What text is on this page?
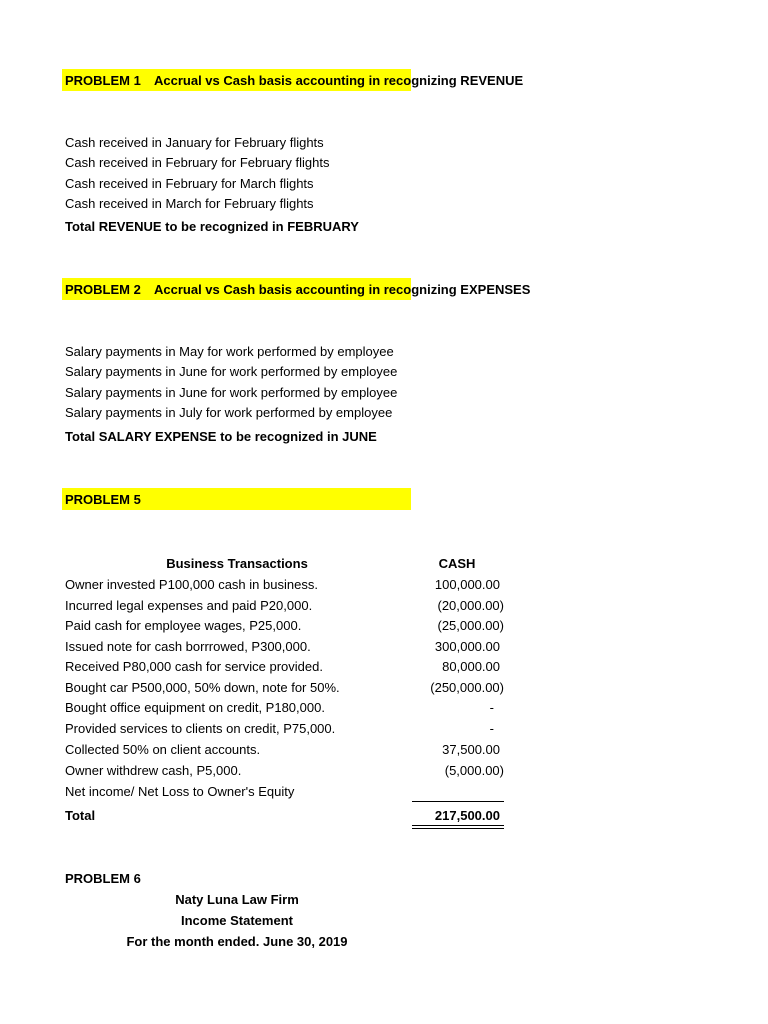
PROBLEM 1 Accrual vs Cash basis accounting in recognizing REVENUE
Cash received in January for February flights
Cash received in February for February flights
Cash received in February for March flights
Cash received in March for February flights
Total REVENUE to be recognized in FEBRUARY
PROBLEM 2 Accrual vs Cash basis accounting in recognizing EXPENSES
Salary payments in May for work performed by employee
Salary payments in June for work performed by employee
Salary payments in June for work performed by employee
Salary payments in July for work performed by employee
Total SALARY EXPENSE to be recognized in JUNE
PROBLEM 5
Business Transactions	CASH
Owner invested P100,000 cash in business.	100,000.00
Incurred legal expenses and paid P20,000.	(20,000.00)
Paid cash for employee wages, P25,000.	(25,000.00)
Issued note for cash borrrowed, P300,000.	300,000.00
Received P80,000 cash for service provided.	80,000.00
Bought car P500,000, 50% down, note for 50%.	(250,000.00)
Bought office equipment on credit, P180,000.	-
Provided services to clients on credit, P75,000.	-
Collected 50% on client accounts.	37,500.00
Owner withdrew cash, P5,000.	(5,000.00)
Net income/ Net Loss to Owner's Equity
Total	217,500.00
PROBLEM 6
Naty Luna Law Firm
Income Statement
For the month ended. June 30, 2019
